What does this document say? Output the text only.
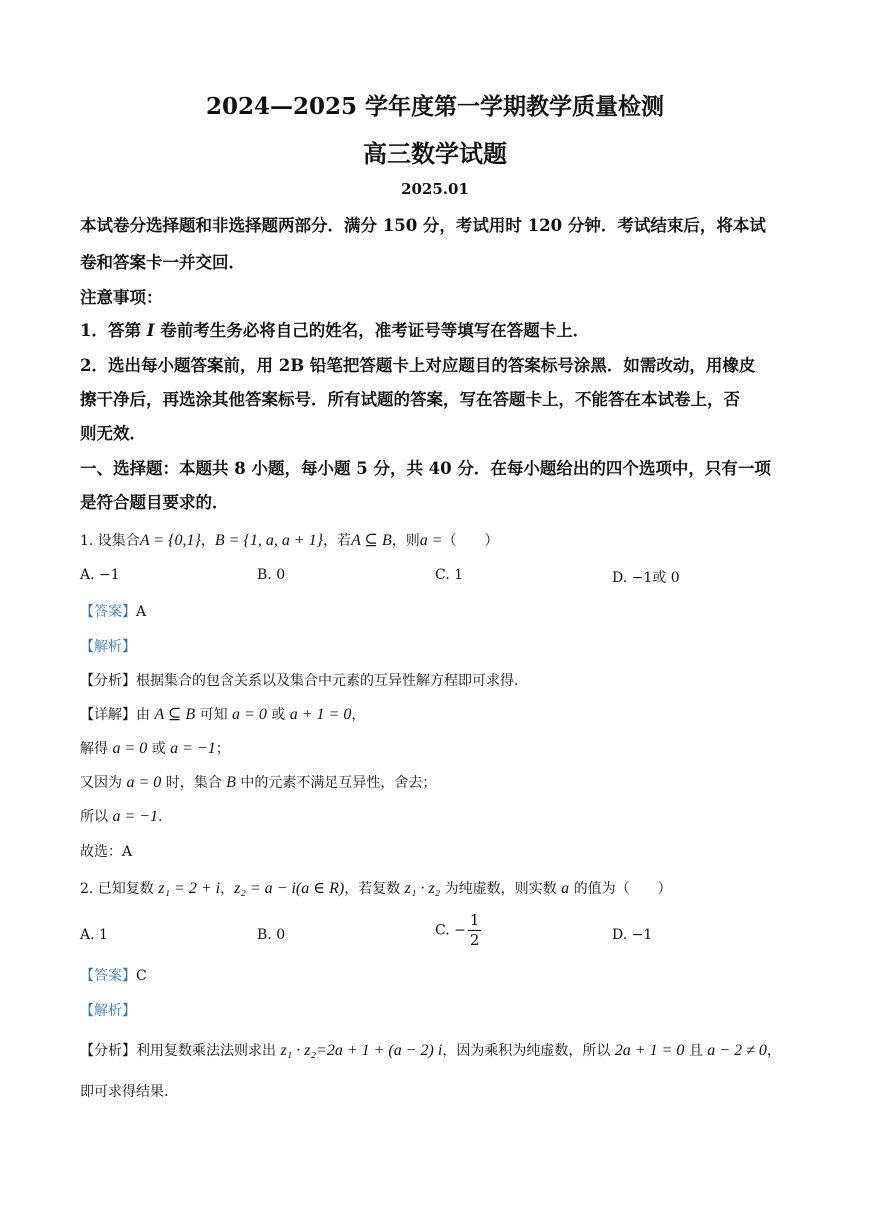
2024—2025 学年度第一学期教学质量检测
高三数学试题
2025.01
本试卷分选择题和非选择题两部分．满分 150 分，考试用时 120 分钟．考试结束后，将本试
卷和答案卡一并交回．
注意事项：
1．答第 I 卷前考生务必将自己的姓名，准考证号等填写在答题卡上．
2．选出每小题答案前，用 2B 铅笔把答题卡上对应题目的答案标号涂黑．如需改动，用橡皮
擦干净后，再选涂其他答案标号．所有试题的答案，写在答题卡上，不能答在本试卷上，否
则无效．
一、选择题：本题共 8 小题，每小题 5 分，共 40 分．在每小题给出的四个选项中，只有一项
是符合题目要求的．
1. 设集合A = {0,1}，B = {1, a, a + 1}，若A ⊆ B，则a =（　　）
A. −1	B. 0	C. 1	D. −1或 0
【答案】A
【解析】
【分析】根据集合的包含关系以及集合中元素的互异性解方程即可求得.
【详解】由 A ⊆ B 可知 a = 0 或 a + 1 = 0，
解得 a = 0 或 a = −1；
又因为 a = 0 时，集合 B 中的元素不满足互异性，舍去；
所以 a = −1.
故选：A
2. 已知复数 z₁ = 2 + i，z₂ = a − i(a ∈ R)，若复数 z₁ · z₂ 为纯虚数，则实数 a 的值为（　　）
A. 1	B. 0	C. − $\frac{1}{2}$	D. −1
【答案】C
【解析】
【分析】利用复数乘法法则求出 z₁ · z₂=2a + 1 + (a − 2) i，因为乘积为纯虚数，所以 2a + 1 = 0 且 a − 2 ≠ 0，
即可求得结果.
